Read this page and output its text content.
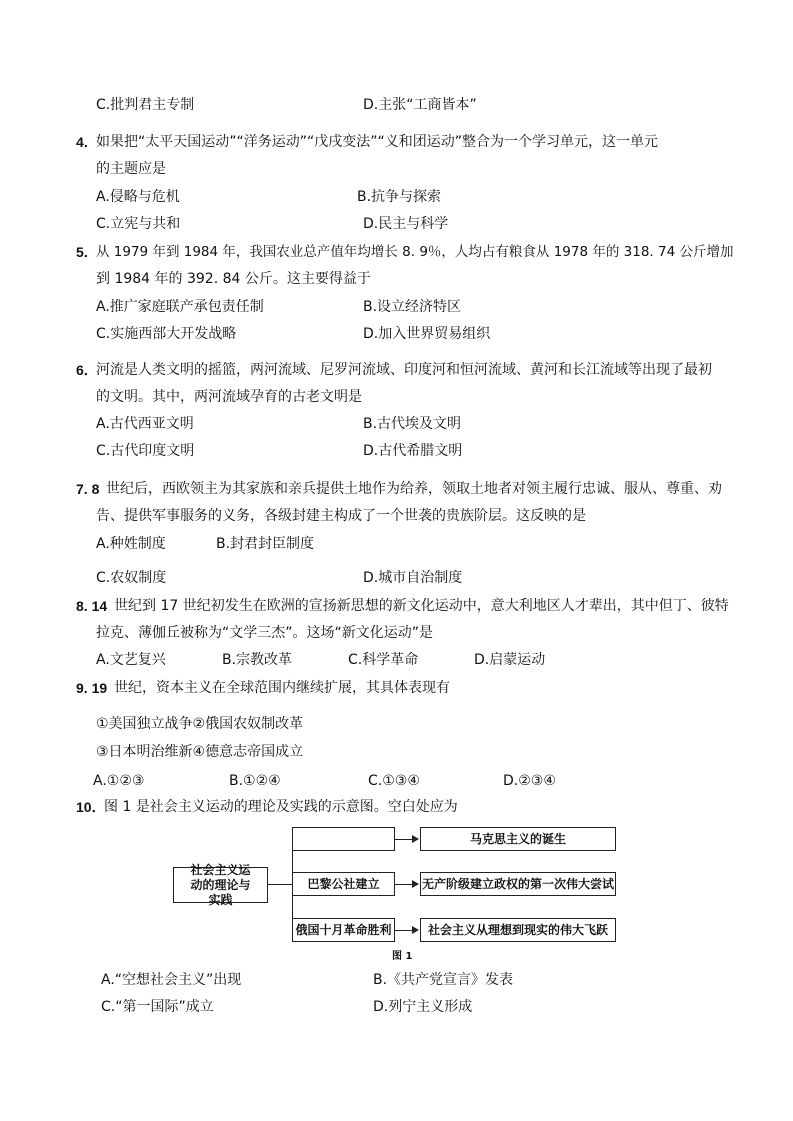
C.批判君主专制	D.主张“工商皆本”
4．
如果把“太平天国运动”“洋务运动”“戊戌变法”“义和团运动”整合为一个学习单元，这一单元
的主题应是
A.侵略与危机	B.抗争与探索
C.立宪与共和	D.民主与科学
5．
从 1979 年到 1984 年，我国农业总产值年均增长 8. 9％，人均占有粮食从 1978 年的 318. 74 公斤增加
到 1984 年的 392. 84 公斤。这主要得益于
A.推广家庭联产承包责任制	B.设立经济特区
C.实施西部大开发战略	D.加入世界贸易组织
6．
河流是人类文明的摇篮，两河流域、尼罗河流域、印度河和恒河流域、黄河和长江流域等出现了最初
的文明。其中，两河流域孕育的古老文明是
A.古代西亚文明	B.古代埃及文明
C.古代印度文明	D.古代希腊文明
7. 8 世纪后，西欧领主为其家族和亲兵提供土地作为给养，领取土地者对领主履行忠诚、服从、尊重、劝
告、提供军事服务的义务，各级封建主构成了一个世袭的贵族阶层。这反映的是
A.种姓制度	B.封君封臣制度
C.农奴制度	D.城市自治制度
8. 14 世纪到 17 世纪初发生在欧洲的宣扬新思想的新文化运动中，意大利地区人才辈出，其中但丁、彼特
拉克、薄伽丘被称为“文学三杰”。这场“新文化运动”是
A.文艺复兴	B.宗教改革	C.科学革命	D.启蒙运动
9. 19 世纪，资本主义在全球范围内继续扩展，其具体表现有
①美国独立战争②俄国农奴制改革
③日本明治维新④德意志帝国成立
A.①②③	B.①②④	C.①③④	D.②③④
10．
图 1 是社会主义运动的理论及实践的示意图。空白处应为
社会主义运动的理论与实践
马克思主义的诞生
巴黎公社建立	无产阶级建立政权的第一次伟大尝试
俄国十月革命胜利	社会主义从理想到现实的伟大飞跃
图 1
A.“空想社会主义”出现	B.《共产党宣言》发表
C.“第一国际”成立	D.列宁主义形成
